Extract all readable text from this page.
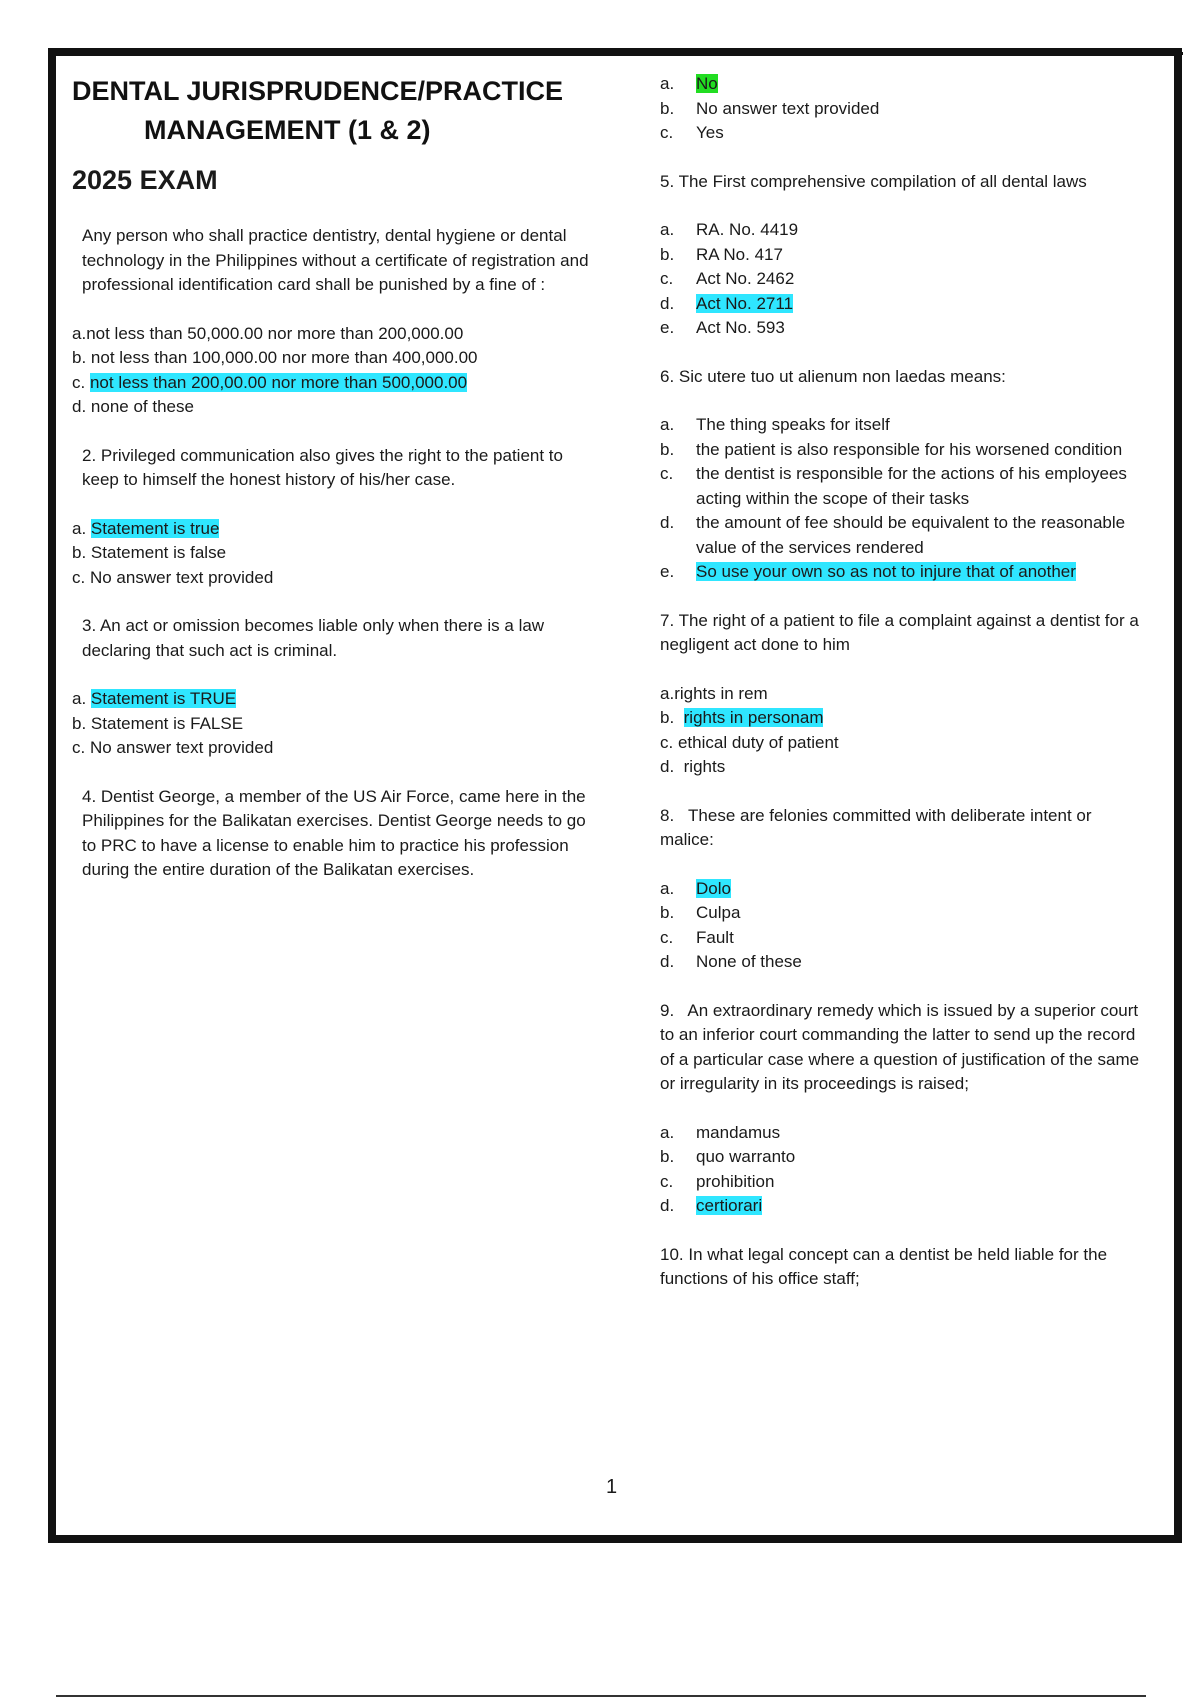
DENTAL JURISPRUDENCE/PRACTICE
MANAGEMENT (1 & 2)
2025 EXAM

Any person who shall practice dentistry, dental hygiene or dental technology in the Philippines without a certificate of registration and professional identification card shall be punished by a fine of :

a.not less than 50,000.00 nor more than 200,000.00
b. not less than 100,000.00 nor more than 400,000.00
c. not less than 200,00.00 nor more than 500,000.00
d. none of these

2. Privileged communication also gives the right to the patient to keep to himself the honest history of his/her case.

a. Statement is true
b. Statement is false
c. No answer text provided

3. An act or omission becomes liable only when there is a law declaring that such act is criminal.

a. Statement is TRUE
b. Statement is FALSE
c. No answer text provided

4. Dentist George, a member of the US Air Force, came here in the Philippines for the Balikatan exercises. Dentist George needs to go to PRC to have a license to enable him to practice his profession during the entire duration of the Balikatan exercises.

a. No
b. No answer text provided
c. Yes

5. The First comprehensive compilation of all dental laws

a. RA. No. 4419
b. RA No. 417
c. Act No. 2462
d. Act No. 2711
e. Act No. 593

6. Sic utere tuo ut alienum non laedas means:

a.	The thing speaks for itself
b.	the patient is also responsible for his worsened condition
c.	the dentist is responsible for the actions of his employees acting within the scope of their tasks
d.	the amount of fee should be equivalent to the reasonable value of the services rendered
e.	So use your own so as not to injure that of another

7. The right of a patient to file a complaint against a dentist for a negligent act done to him

a.rights in rem
b. rights in personam
c. ethical duty of patient
d. rights

8.   These are felonies committed with deliberate intent or malice:

a. Dolo
b. Culpa
c. Fault
d. None of these

9.   An extraordinary remedy which is issued by a superior court to an inferior court commanding the latter to send up the record of a particular case where a question of justification of the same or irregularity in its proceedings is raised;

a. mandamus
b. quo warranto
c. prohibition
d. certiorari

10. In what legal concept can a dentist be held liable for the functions of his office staff;

1
